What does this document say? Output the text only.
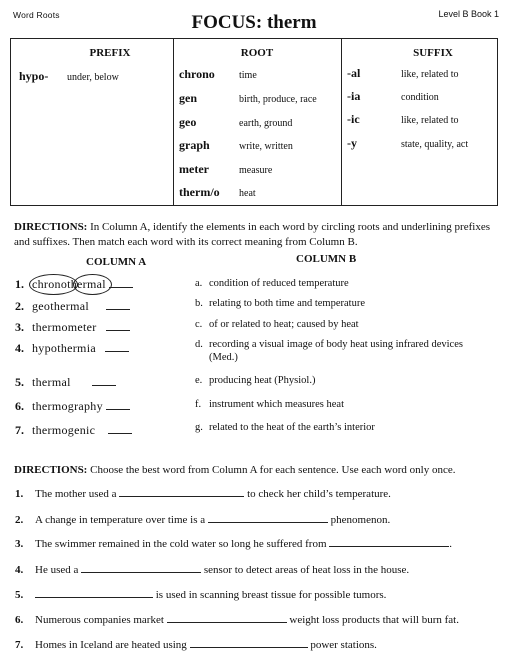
Word Roots	FOCUS: therm	Level B Book 1
PREFIX
hypo- under, below
ROOT
chrono time
gen	birth, produce, race
geo	earth, ground
graph	write, written
meter	measure
therm/o heat
SUFFIX
-al	like, related to
-ia	condition
-ic	like, related to
-y	state, quality, act
DIRECTIONS: In Column A, identify the elements in each word by circling roots and underlining prefixes and suffixes. Then match each word with its correct meaning from Column B.
COLUMN A	COLUMN B
1. chronothermal
2. geothermal
3. thermometer
4. hypothermia
5. thermal
6. thermography
7. thermogenic
a. condition of reduced temperature
b. relating to both time and temperature
c. of or related to heat; caused by heat
d. recording a visual image of body heat using infrared devices (Med.)
e. producing heat (Physiol.)
f. instrument which measures heat
g. related to the heat of the earth’s interior
DIRECTIONS: Choose the best word from Column A for each sentence. Use each word only once.
1. The mother used a	to check her child’s temperature.
2. A change in temperature over time is a	phenomenon.
3. The swimmer remained in the cold water so long he suffered from	.
4. He used a	sensor to detect areas of heat loss in the house.
5.	is used in scanning breast tissue for possible tumors.
6. Numerous companies market	weight loss products that will burn fat.
7. Homes in Iceland are heated using	power stations.
